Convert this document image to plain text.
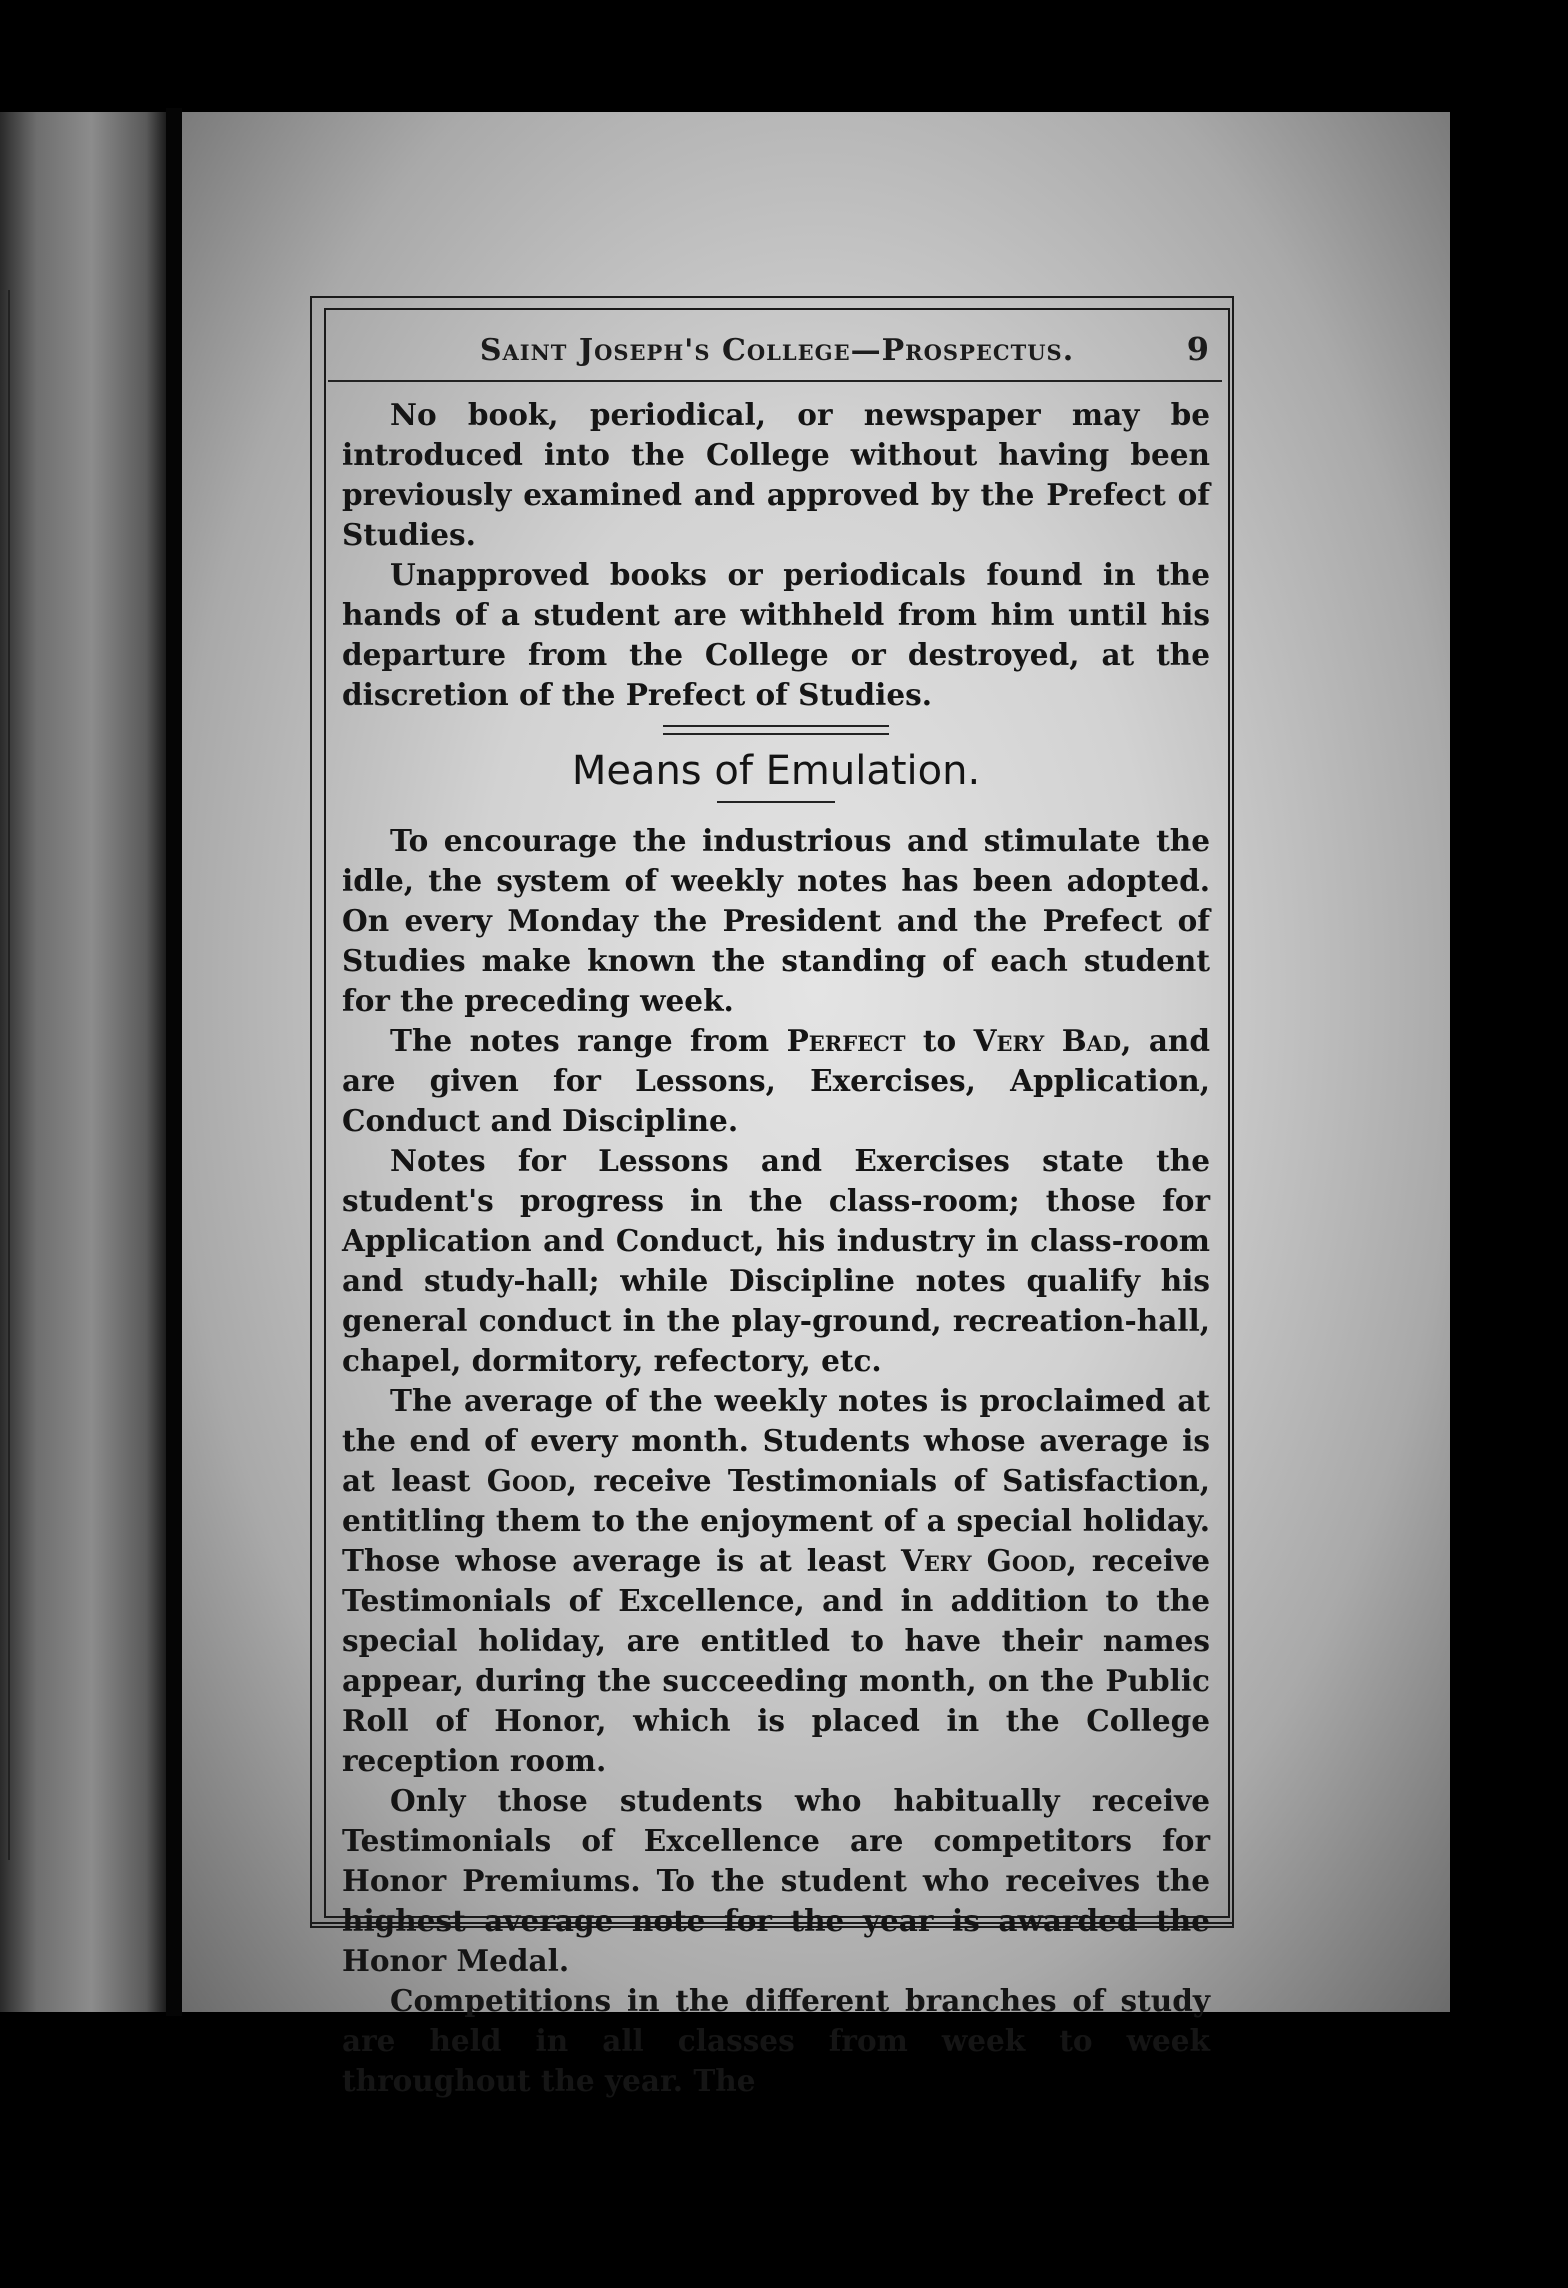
Saint Joseph's College—Prospectus.	9

No book, periodical, or newspaper may be introduced into the College without having been previously examined and approved by the Prefect of Studies.

Unapproved books or periodicals found in the hands of a student are withheld from him until his departure from the College or destroyed, at the discretion of the Prefect of Studies.

Means of Emulation.

To encourage the industrious and stimulate the idle, the system of weekly notes has been adopted. On every Monday the President and the Prefect of Studies make known the standing of each student for the preceding week.

The notes range from Perfect to Very Bad, and are given for Lessons, Exercises, Application, Conduct and Discipline.

Notes for Lessons and Exercises state the student's progress in the class-room; those for Application and Conduct, his industry in class-room and study-hall; while Discipline notes qualify his general conduct in the play-ground, recreation-hall, chapel, dormitory, refectory, etc.

The average of the weekly notes is proclaimed at the end of every month. Students whose average is at least Good, receive Testimonials of Satisfaction, entitling them to the enjoyment of a special holiday. Those whose average is at least Very Good, receive Testimonials of Excellence, and in addition to the special holiday, are entitled to have their names appear, during the succeeding month, on the Public Roll of Honor, which is placed in the College reception room.

Only those students who habitually receive Testimonials of Excellence are competitors for Honor Premiums. To the student who receives the highest average note for the year is awarded the Honor Medal.

Competitions in the different branches of study are held in all classes from week to week throughout the year. The
